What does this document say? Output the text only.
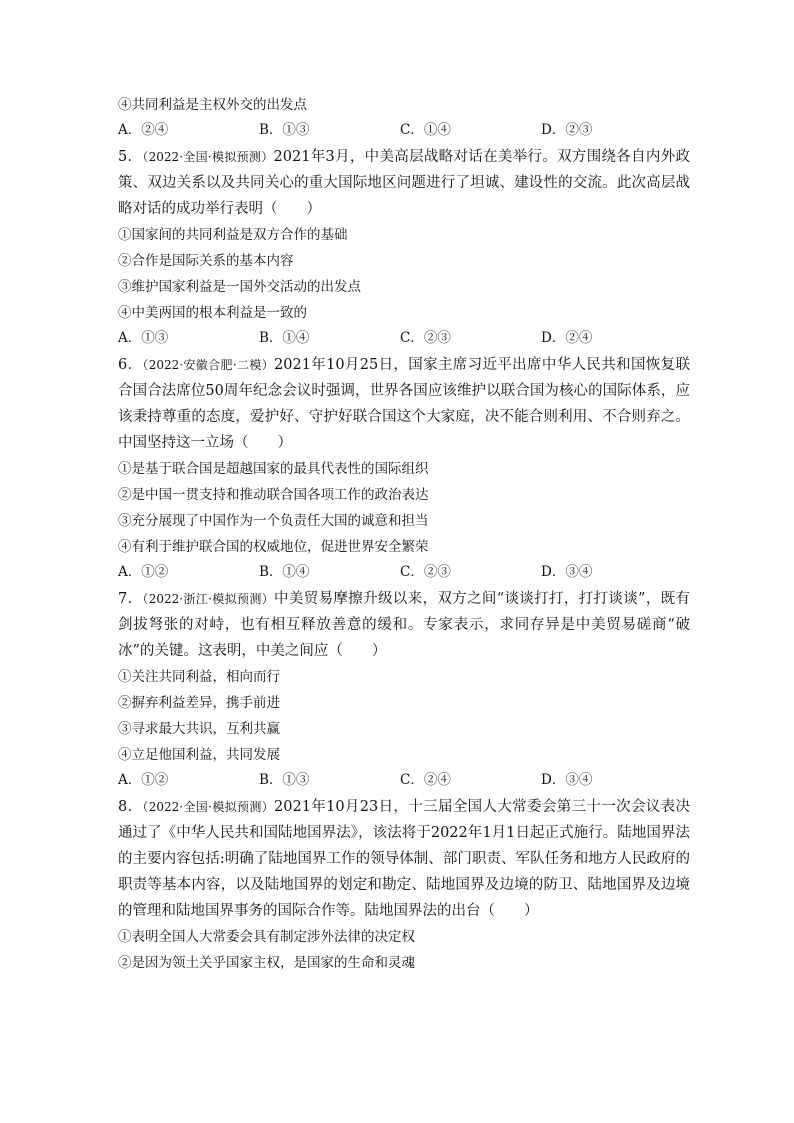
④共同利益是主权外交的出发点
A．②④	B．①③	C．①④	D．②③
5．（2022·全国·模拟预测）2021年3月，中美高层战略对话在美举行。双方围绕各自内外政策、双边关系以及共同关心的重大国际地区问题进行了坦诚、建设性的交流。此次高层战略对话的成功举行表明（　　）
①国家间的共同利益是双方合作的基础
②合作是国际关系的基本内容
③维护国家利益是一国外交活动的出发点
④中美两国的根本利益是一致的
A．①③	B．①④	C．②③	D．②④
6．（2022·安徽合肥·二模）2021年10月25日，国家主席习近平出席中华人民共和国恢复联合国合法席位50周年纪念会议时强调，世界各国应该维护以联合国为核心的国际体系，应该秉持尊重的态度，爱护好、守护好联合国这个大家庭，决不能合则利用、不合则弃之。中国坚持这一立场（　　）
①是基于联合国是超越国家的最具代表性的国际组织
②是中国一贯支持和推动联合国各项工作的政治表达
③充分展现了中国作为一个负责任大国的诚意和担当
④有利于维护联合国的权威地位，促进世界安全繁荣
A．①②	B．①④	C．②③	D．③④
7．（2022·浙江·模拟预测）中美贸易摩擦升级以来，双方之间“谈谈打打，打打谈谈”，既有剑拔弩张的对峙，也有相互释放善意的缓和。专家表示，求同存异是中美贸易磋商“破冰”的关键。这表明，中美之间应（　　）
①关注共同利益，相向而行
②摒弃利益差异，携手前进
③寻求最大共识，互利共赢
④立足他国利益，共同发展
A．①②	B．①③	C．②④	D．③④
8．（2022·全国·模拟预测）2021年10月23日，十三届全国人大常委会第三十一次会议表决通过了《中华人民共和国陆地国界法》，该法将于2022年1月1日起正式施行。陆地国界法的主要内容包括:明确了陆地国界工作的领导体制、部门职责、军队任务和地方人民政府的职责等基本内容，以及陆地国界的划定和勘定、陆地国界及边境的防卫、陆地国界及边境的管理和陆地国界事务的国际合作等。陆地国界法的出台（　　）
①表明全国人大常委会具有制定涉外法律的决定权
②是因为领土关乎国家主权，是国家的生命和灵魂
